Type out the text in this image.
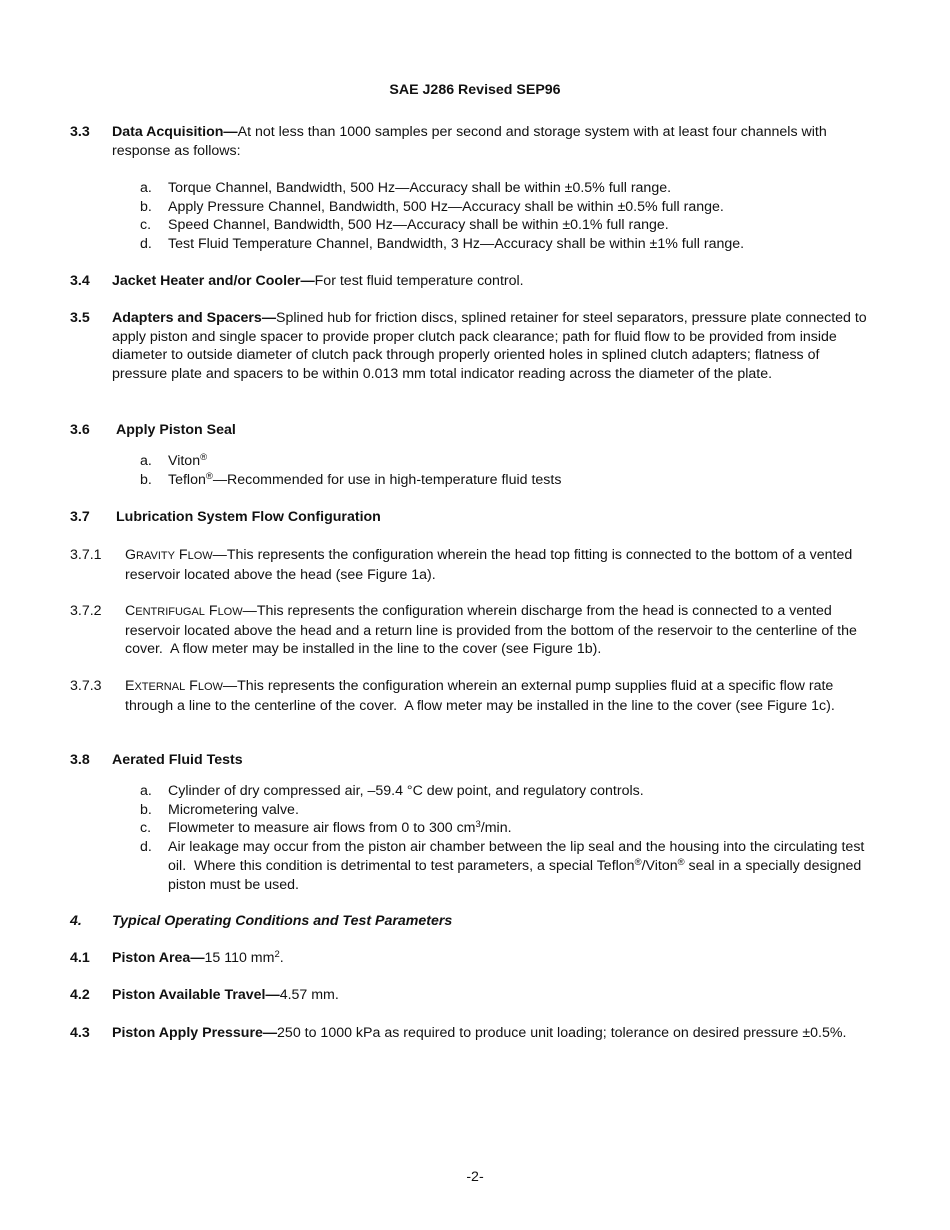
SAE J286 Revised SEP96
3.3 Data Acquisition—At not less than 1000 samples per second and storage system with at least four channels with response as follows:
a. Torque Channel, Bandwidth, 500 Hz—Accuracy shall be within ±0.5% full range.
b. Apply Pressure Channel, Bandwidth, 500 Hz—Accuracy shall be within ±0.5% full range.
c. Speed Channel, Bandwidth, 500 Hz—Accuracy shall be within ±0.1% full range.
d. Test Fluid Temperature Channel, Bandwidth, 3 Hz—Accuracy shall be within ±1% full range.
3.4 Jacket Heater and/or Cooler—For test fluid temperature control.
3.5 Adapters and Spacers—Splined hub for friction discs, splined retainer for steel separators, pressure plate connected to apply piston and single spacer to provide proper clutch pack clearance; path for fluid flow to be provided from inside diameter to outside diameter of clutch pack through properly oriented holes in splined clutch adapters; flatness of pressure plate and spacers to be within 0.013 mm total indicator reading across the diameter of the plate.
3.6 Apply Piston Seal
a. Viton®
b. Teflon®—Recommended for use in high-temperature fluid tests
3.7 Lubrication System Flow Configuration
3.7.1 GRAVITY FLOW—This represents the configuration wherein the head top fitting is connected to the bottom of a vented reservoir located above the head (see Figure 1a).
3.7.2 CENTRIFUGAL FLOW—This represents the configuration wherein discharge from the head is connected to a vented reservoir located above the head and a return line is provided from the bottom of the reservoir to the centerline of the cover.  A flow meter may be installed in the line to the cover (see Figure 1b).
3.7.3 EXTERNAL FLOW—This represents the configuration wherein an external pump supplies fluid at a specific flow rate through a line to the centerline of the cover.  A flow meter may be installed in the line to the cover (see Figure 1c).
3.8 Aerated Fluid Tests
a. Cylinder of dry compressed air, –59.4 °C dew point, and regulatory controls.
b. Micrometering valve.
c. Flowmeter to measure air flows from 0 to 300 $cm^3/\min$.
d. Air leakage may occur from the piston air chamber between the lip seal and the housing into the circulating test oil.  Where this condition is detrimental to test parameters, a special Teflon®/Viton® seal in a specially designed piston must be used.
4. Typical Operating Conditions and Test Parameters
4.1 Piston Area—15 110 $mm^2$.
4.2 Piston Available Travel—4.57 mm.
4.3 Piston Apply Pressure—250 to 1000 kPa as required to produce unit loading; tolerance on desired pressure ±0.5%.
-2-
